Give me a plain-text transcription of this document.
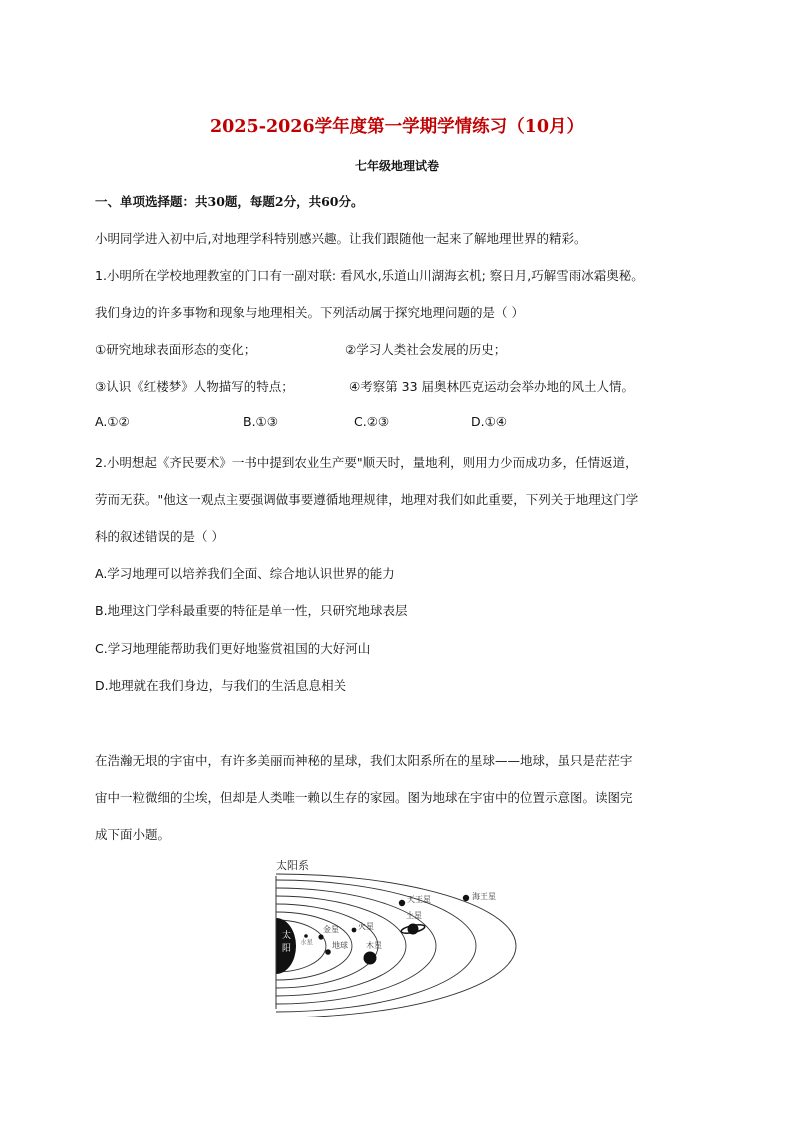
2025-2026学年度第一学期学情练习（10月）
七年级地理试卷
一、单项选择题：共30题，每题2分，共60分。
小明同学进入初中后,对地理学科特别感兴趣。让我们跟随他一起来了解地理世界的精彩。
1.小明所在学校地理教室的门口有一副对联: 看风水,乐道山川湖海玄机; 察日月,巧解雪雨冰霜奥秘。
我们身边的许多事物和现象与地理相关。下列活动属于探究地理问题的是（ ）
①研究地球表面形态的变化；	②学习人类社会发展的历史；
③认识《红楼梦》人物描写的特点；	④考察第 33 届奥林匹克运动会举办地的风土人情。
A.①②	B.①③	C.②③	D.①④
2.小明想起《齐民要术》一书中提到农业生产要"顺天时，量地利，则用力少而成功多，任情返道，
劳而无获。"他这一观点主要强调做事要遵循地理规律，地理对我们如此重要，下列关于地理这门学
科的叙述错误的是（ ）
A.学习地理可以培养我们全面、综合地认识世界的能力
B.地理这门学科最重要的特征是单一性，只研究地球表层
C.学习地理能帮助我们更好地鉴赏祖国的大好河山
D.地理就在我们身边，与我们的生活息息相关
在浩瀚无垠的宇宙中，有许多美丽而神秘的星球，我们太阳系所在的星球——地球，虽只是茫茫宇
宙中一粒微细的尘埃，但却是人类唯一赖以生存的家园。图为地球在宇宙中的位置示意图。读图完
成下面小题。
太阳系
太
阳
水星
金星
地球
火星
木星
土星
天王星	海王星
